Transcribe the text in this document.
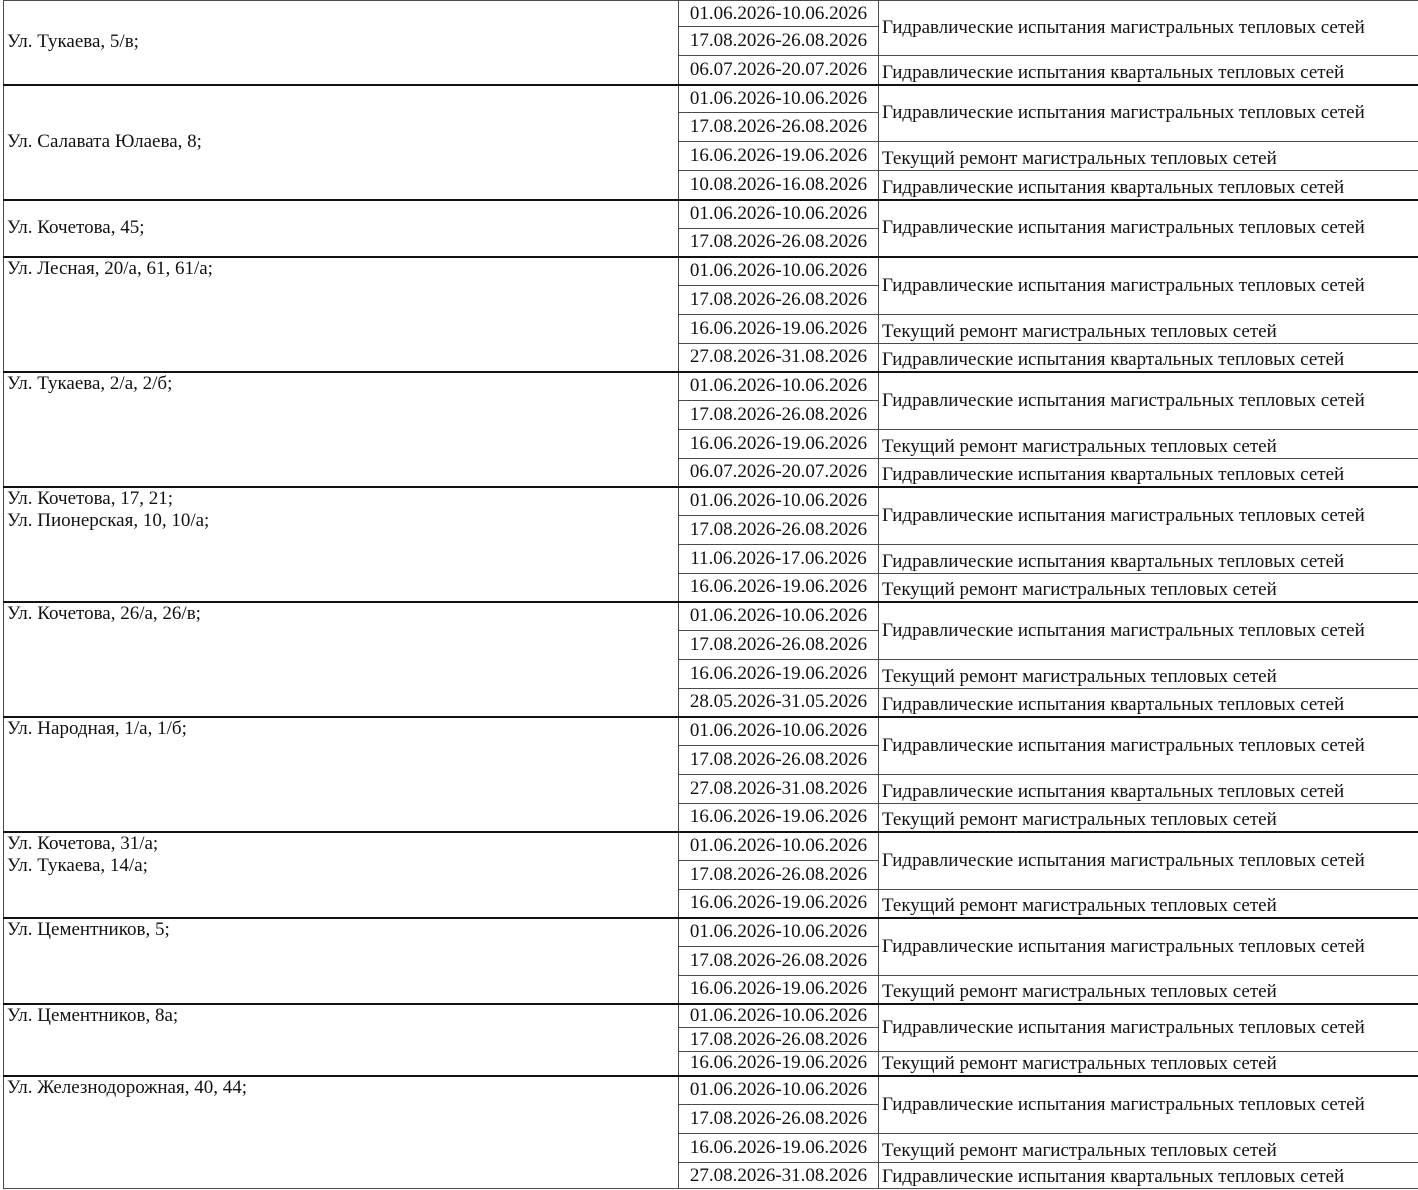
Ул. Тукаева, 5/в;	01.06.2026-10.06.2026	Гидравлические испытания магистральных тепловых сетей
	17.08.2026-26.08.2026	
	06.07.2026-20.07.2026	Гидравлические испытания квартальных тепловых сетей

Ул. Салавата Юлаева, 8;	01.06.2026-10.06.2026	Гидравлические испытания магистральных тепловых сетей
	17.08.2026-26.08.2026	
	16.06.2026-19.06.2026	Текущий ремонт магистральных тепловых сетей
	10.08.2026-16.08.2026	Гидравлические испытания квартальных тепловых сетей

Ул. Кочетова, 45;	01.06.2026-10.06.2026	Гидравлические испытания магистральных тепловых сетей
	17.08.2026-26.08.2026	

Ул. Лесная, 20/а, 61, 61/а;	01.06.2026-10.06.2026	Гидравлические испытания магистральных тепловых сетей
	17.08.2026-26.08.2026	
	16.06.2026-19.06.2026	Текущий ремонт магистральных тепловых сетей
	27.08.2026-31.08.2026	Гидравлические испытания квартальных тепловых сетей

Ул. Тукаева, 2/а, 2/б;	01.06.2026-10.06.2026	Гидравлические испытания магистральных тепловых сетей
	17.08.2026-26.08.2026	
	16.06.2026-19.06.2026	Текущий ремонт магистральных тепловых сетей
	06.07.2026-20.07.2026	Гидравлические испытания квартальных тепловых сетей

Ул. Кочетова, 17, 21;
Ул. Пионерская, 10, 10/а;	01.06.2026-10.06.2026	Гидравлические испытания магистральных тепловых сетей
	17.08.2026-26.08.2026	
	11.06.2026-17.06.2026	Гидравлические испытания квартальных тепловых сетей
	16.06.2026-19.06.2026	Текущий ремонт магистральных тепловых сетей

Ул. Кочетова, 26/а, 26/в;	01.06.2026-10.06.2026	Гидравлические испытания магистральных тепловых сетей
	17.08.2026-26.08.2026	
	16.06.2026-19.06.2026	Текущий ремонт магистральных тепловых сетей
	28.05.2026-31.05.2026	Гидравлические испытания квартальных тепловых сетей

Ул. Народная, 1/а, 1/б;	01.06.2026-10.06.2026	Гидравлические испытания магистральных тепловых сетей
	17.08.2026-26.08.2026	
	27.08.2026-31.08.2026	Гидравлические испытания квартальных тепловых сетей
	16.06.2026-19.06.2026	Текущий ремонт магистральных тепловых сетей

Ул. Кочетова, 31/а;
Ул. Тукаева, 14/а;	01.06.2026-10.06.2026	Гидравлические испытания магистральных тепловых сетей
	17.08.2026-26.08.2026	
	16.06.2026-19.06.2026	Текущий ремонт магистральных тепловых сетей

Ул. Цементников, 5;	01.06.2026-10.06.2026	Гидравлические испытания магистральных тепловых сетей
	17.08.2026-26.08.2026	
	16.06.2026-19.06.2026	Текущий ремонт магистральных тепловых сетей

Ул. Цементников, 8а;	01.06.2026-10.06.2026	Гидравлические испытания магистральных тепловых сетей
	17.08.2026-26.08.2026	
	16.06.2026-19.06.2026	Текущий ремонт магистральных тепловых сетей

Ул. Железнодорожная, 40, 44;	01.06.2026-10.06.2026	Гидравлические испытания магистральных тепловых сетей
	17.08.2026-26.08.2026	
	16.06.2026-19.06.2026	Текущий ремонт магистральных тепловых сетей
	27.08.2026-31.08.2026	Гидравлические испытания квартальных тепловых сетей
